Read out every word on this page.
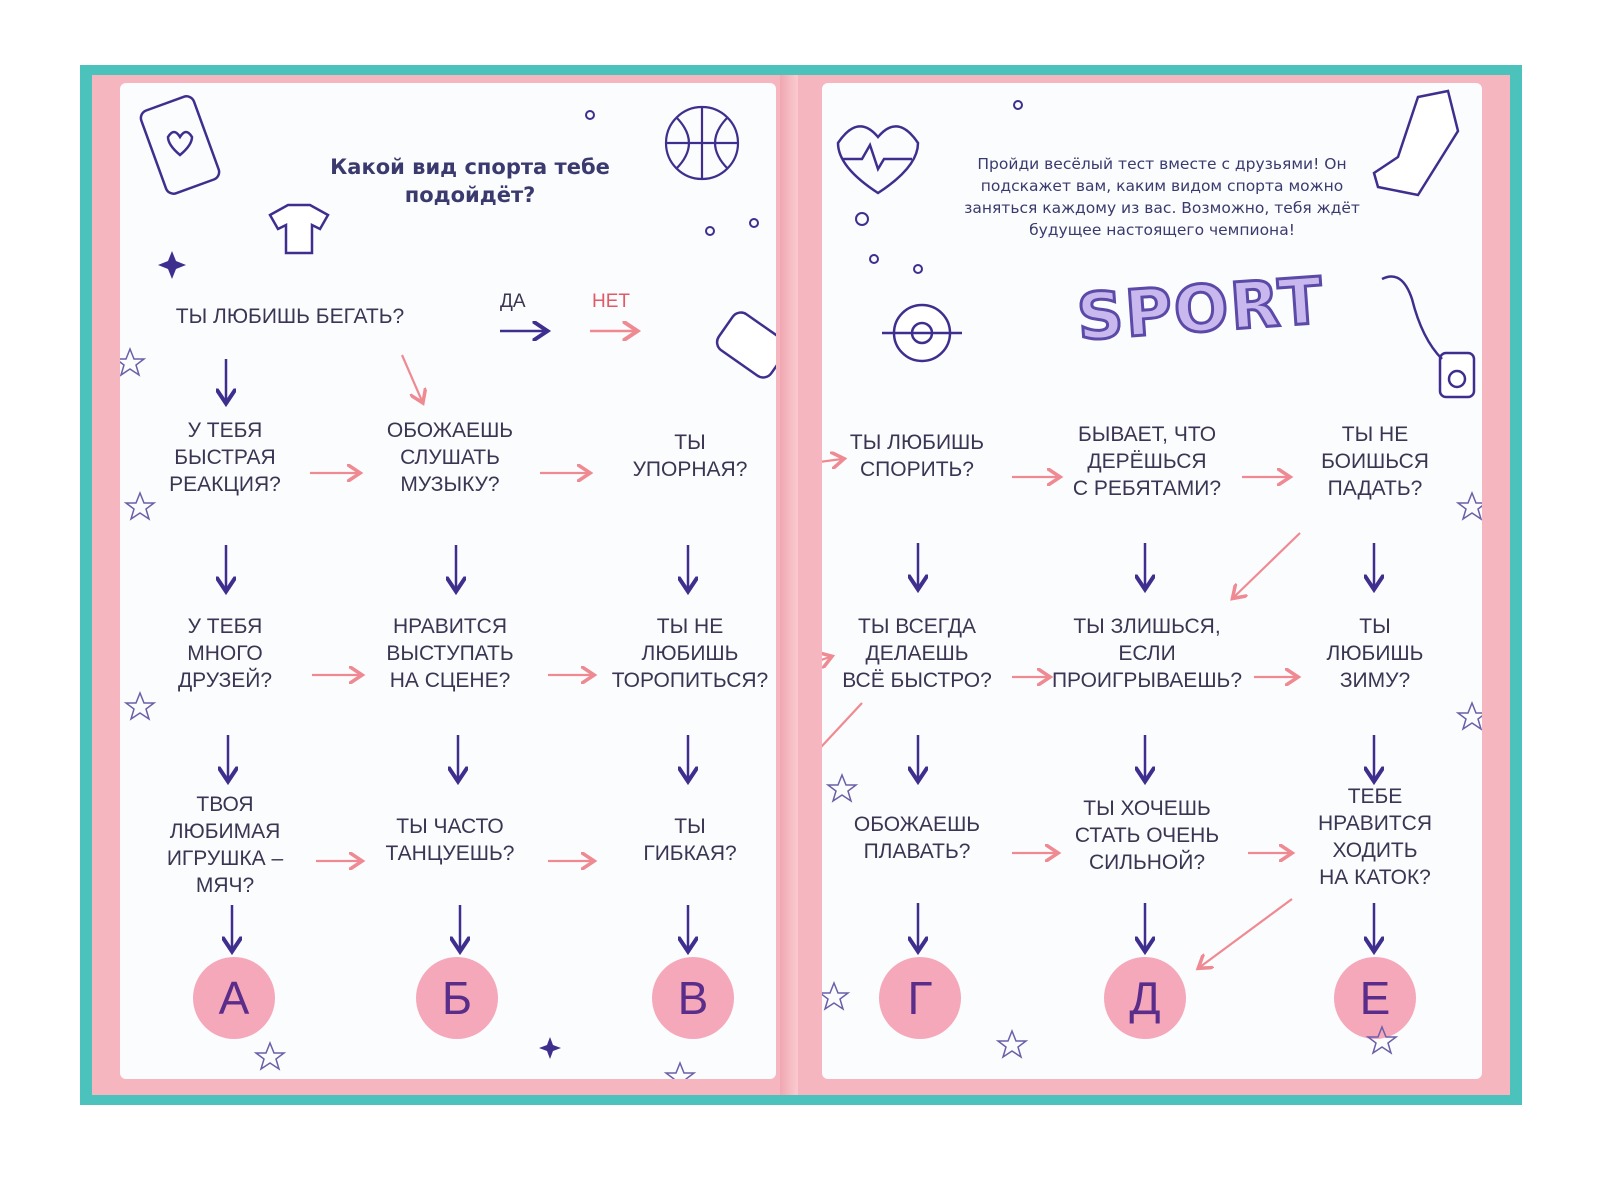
Какой вид спорта тебе
подойдёт?
ДА	НЕТ
ТЫ ЛЮБИШЬ БЕГАТЬ?
У ТЕБЯ
БЫСТРАЯ
РЕАКЦИЯ?
ОБОЖАЕШЬ
СЛУШАТЬ
МУЗЫКУ?
ТЫ
УПОРНАЯ?
У ТЕБЯ
МНОГО
ДРУЗЕЙ?
НРАВИТСЯ
ВЫСТУПАТЬ
НА СЦЕНЕ?
ТЫ НЕ
ЛЮБИШЬ
ТОРОПИТЬСЯ?
ТВОЯ
ЛЮБИМАЯ
ИГРУШКА –
МЯЧ?
ТЫ ЧАСТО
ТАНЦУЕШЬ?
ТЫ
ГИБКАЯ?
А	Б	В
Пройди весёлый тест вместе с друзьями! Он
подскажет вам, каким видом спорта можно
заняться каждому из вас. Возможно, тебя ждёт
будущее настоящего чемпиона!
SPORT
ТЫ ЛЮБИШЬ
СПОРИТЬ?
БЫВАЕТ, ЧТО
ДЕРЁШЬСЯ
С РЕБЯТАМИ?
ТЫ НЕ
БОИШЬСЯ
ПАДАТЬ?
ТЫ ВСЕГДА
ДЕЛАЕШЬ
ВСЁ БЫСТРО?
ТЫ ЗЛИШЬСЯ,
ЕСЛИ
ПРОИГРЫВАЕШЬ?
ТЫ
ЛЮБИШЬ
ЗИМУ?
ОБОЖАЕШЬ
ПЛАВАТЬ?
ТЫ ХОЧЕШЬ
СТАТЬ ОЧЕНЬ
СИЛЬНОЙ?
ТЕБЕ
НРАВИТСЯ
ХОДИТЬ
НА КАТОК?
Г	Д	Е
